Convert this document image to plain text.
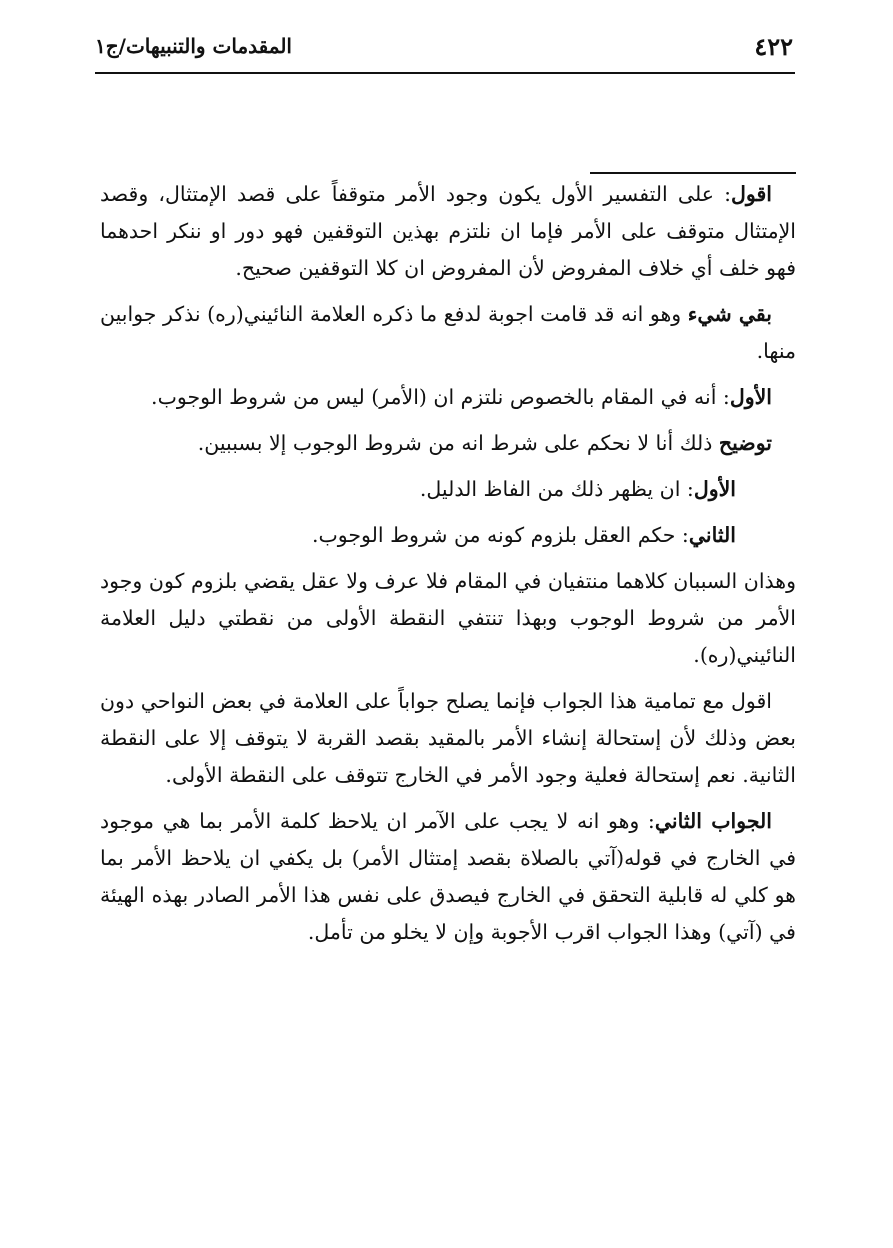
٤٢٢
المقدمات والتنبيهات/ج١

اقول: على التفسير الأول يكون وجود الأمر متوقفاً على قصد الإمتثال، وقصد الإمتثال متوقف على الأمر فإما ان نلتزم بهذين التوقفين فهو دور او ننكر احدهما فهو خلف أي خلاف المفروض لأن المفروض ان كلا التوقفين صحيح.

بقي شيء وهو انه قد قامت اجوبة لدفع ما ذكره العلامة النائيني(ره) نذكر جوابين منها.

الأول: أنه في المقام بالخصوص نلتزم ان (الأمر) ليس من شروط الوجوب.

توضيح ذلك أنا لا نحكم على شرط انه من شروط الوجوب إلا بسببين.

الأول: ان يظهر ذلك من الفاظ الدليل.

الثاني: حكم العقل بلزوم كونه من شروط الوجوب.

وهذان السببان كلاهما منتفيان في المقام فلا عرف ولا عقل يقضي بلزوم كون وجود الأمر من شروط الوجوب وبهذا تنتفي النقطة الأولى من نقطتي دليل العلامة النائيني(ره).

اقول مع تمامية هذا الجواب فإنما يصلح جواباً على العلامة في بعض النواحي دون بعض وذلك لأن إستحالة إنشاء الأمر بالمقيد بقصد القربة لا يتوقف إلا على النقطة الثانية. نعم إستحالة فعلية وجود الأمر في الخارج تتوقف على النقطة الأولى.

الجواب الثاني: وهو انه لا يجب على الآمر ان يلاحظ كلمة الأمر بما هي موجود في الخارج في قوله(آتي بالصلاة بقصد إمتثال الأمر) بل يكفي ان يلاحظ الأمر بما هو كلي له قابلية التحقق في الخارج فيصدق على نفس هذا الأمر الصادر بهذه الهيئة في (آتي) وهذا الجواب اقرب الأجوبة وإن لا يخلو من تأمل.
